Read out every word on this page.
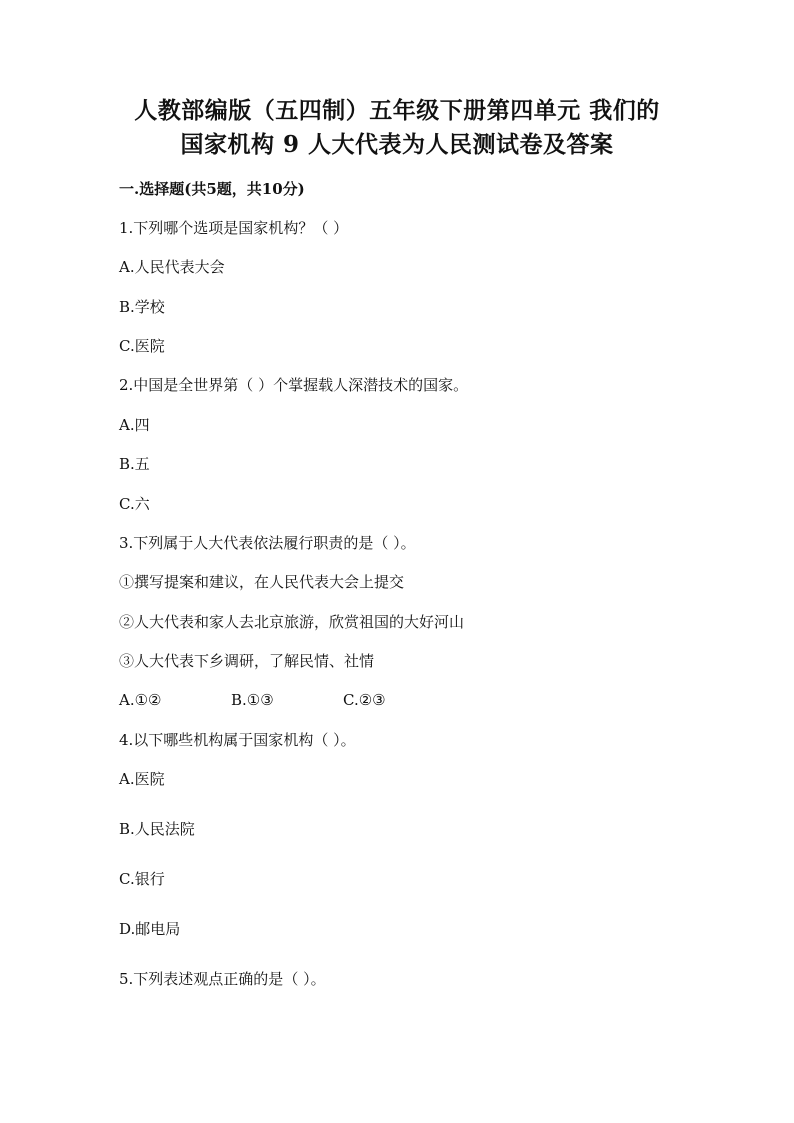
人教部编版（五四制）五年级下册第四单元 我们的
国家机构 9 人大代表为人民测试卷及答案
一.选择题(共5题，共10分)
1.下列哪个选项是国家机构？（ ）
A.人民代表大会
B.学校
C.医院
2.中国是全世界第（ ）个掌握载人深潜技术的国家。
A.四
B.五
C.六
3.下列属于人大代表依法履行职责的是（ ）。
①撰写提案和建议，在人民代表大会上提交
②人大代表和家人去北京旅游，欣赏祖国的大好河山
③人大代表下乡调研，了解民情、社情
A.①②	B.①③	C.②③
4.以下哪些机构属于国家机构（ ）。
A.医院
B.人民法院
C.银行
D.邮电局
5.下列表述观点正确的是（ ）。
